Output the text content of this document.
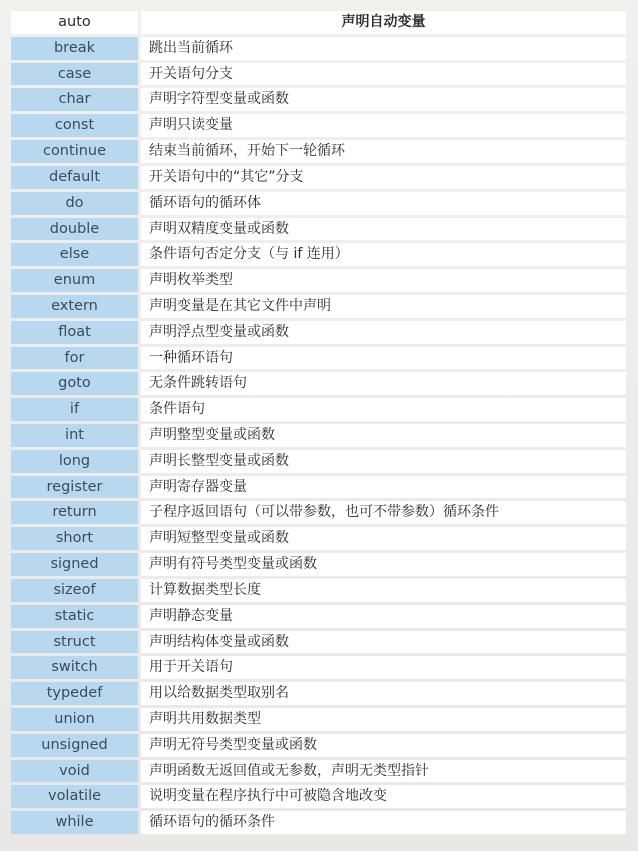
auto		声明自动变量
break		跳出当前循环
case		开关语句分支
char		声明字符型变量或函数
const		声明只读变量
continue		结束当前循环，开始下一轮循环
default		开关语句中的“其它”分支
do		循环语句的循环体
double		声明双精度变量或函数
else		条件语句否定分支（与 if 连用）
enum		声明枚举类型
extern		声明变量是在其它文件中声明
float		声明浮点型变量或函数
for		一种循环语句
goto		无条件跳转语句
if		条件语句
int		声明整型变量或函数
long		声明长整型变量或函数
register		声明寄存器变量
return		子程序返回语句（可以带参数，也可不带参数）循环条件
short		声明短整型变量或函数
signed		声明有符号类型变量或函数
sizeof		计算数据类型长度
static		声明静态变量
struct		声明结构体变量或函数
switch		用于开关语句
typedef		用以给数据类型取别名
union		声明共用数据类型
unsigned		声明无符号类型变量或函数
void		声明函数无返回值或无参数，声明无类型指针
volatile		说明变量在程序执行中可被隐含地改变
while		循环语句的循环条件
